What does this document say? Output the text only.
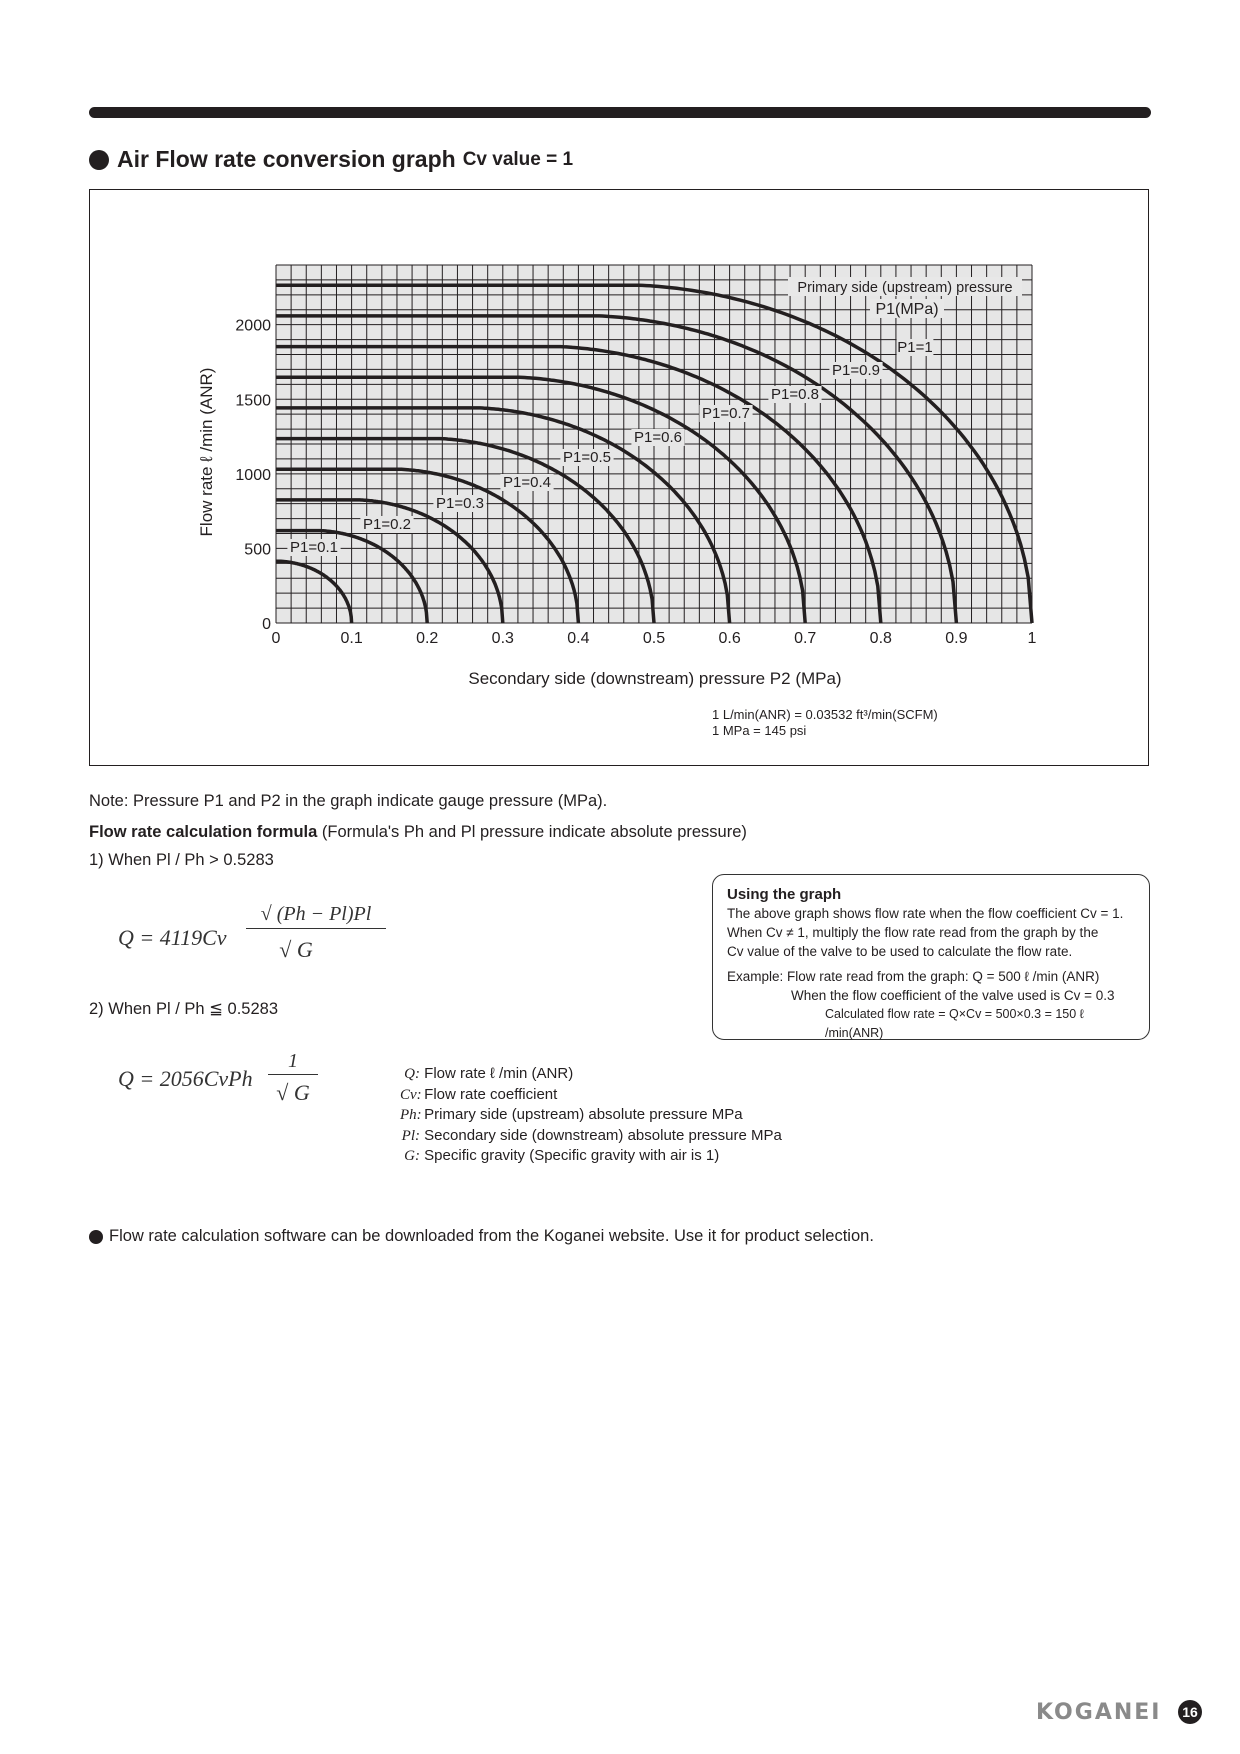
Air Flow rate conversion graph Cv value = 1
P1=0.1
P1=0.2
P1=0.3
P1=0.4
P1=0.5
P1=0.6
P1=0.7
P1=0.8
P1=0.9
P1=1
0	0.1	0.2	0.3	0.4	0.5	0.6	0.7	0.8	0.9	1
0
500
1000
1500
2000
Primary side (upstream) pressure
P1(MPa)
Secondary side (downstream) pressure P2 (MPa)
Flow rate ℓ /min (ANR)
1 L/min(ANR) = 0.03532 ft³/min(SCFM)
1 MPa = 145 psi
Note: Pressure P1 and P2 in the graph indicate gauge pressure (MPa).
Flow rate calculation formula (Formula's Ph and Pl pressure indicate absolute pressure)
1) When Pl / Ph > 0.5283
Q = 4119Cv
√ (Ph − Pl)Pl
√ G
2) When Pl / Ph ≦ 0.5283
Q = 2056CvPh
1
√ G
Q: Flow rate ℓ /min (ANR)
Cv: Flow rate coefficient
Ph: Primary side (upstream) absolute pressure MPa
Pl: Secondary side (downstream) absolute pressure MPa
G: Specific gravity (Specific gravity with air is 1)
Using the graph
The above graph shows flow rate when the flow coefficient Cv = 1.
When Cv ≠ 1, multiply the flow rate read from the graph by the
Cv value of the valve to be used to calculate the flow rate.
Example: Flow rate read from the graph: Q = 500 ℓ /min (ANR)
When the flow coefficient of the valve used is Cv = 0.3
Calculated flow rate = Q×Cv = 500×0.3 = 150 ℓ /min(ANR)
Flow rate calculation software can be downloaded from the Koganei website. Use it for product selection.
KOGANEI	16
